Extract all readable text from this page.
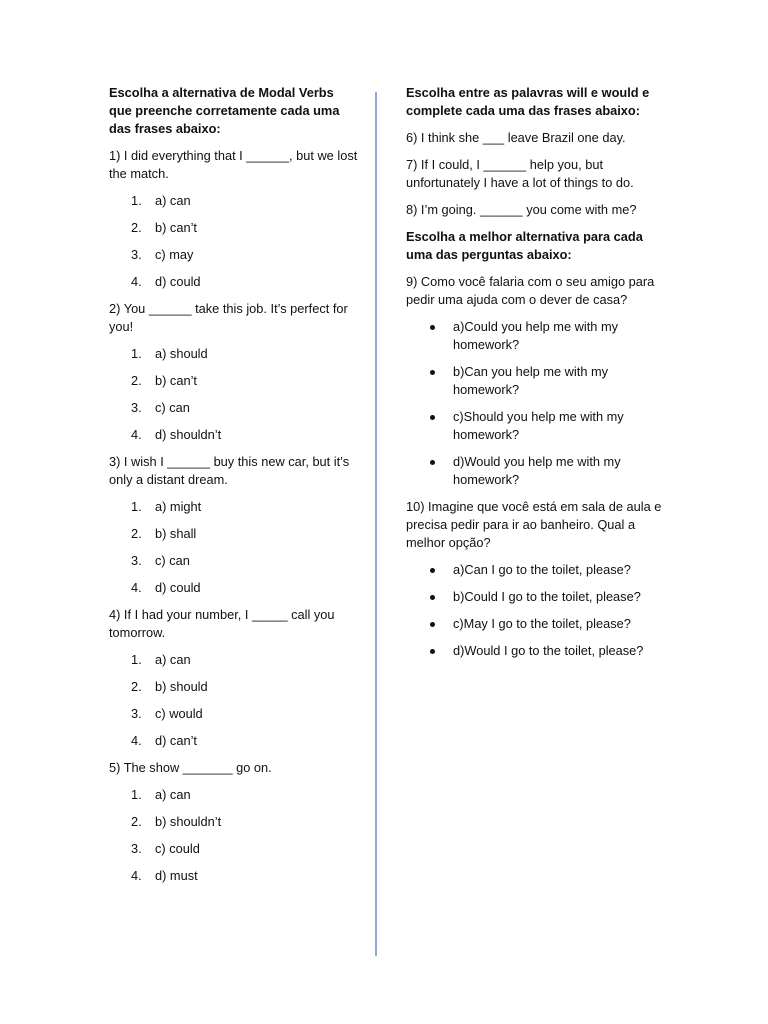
Escolha a alternativa de Modal Verbs que preenche corretamente cada uma das frases abaixo:

1) I did everything that I ______, but we lost the match.

1. a) can
2. b) can’t
3. c) may
4. d) could

2) You ______ take this job. It’s perfect for you!

1. a) should
2. b) can’t
3. c) can
4. d) shouldn’t

3) I wish I ______ buy this new car, but it’s only a distant dream.

1. a) might
2. b) shall
3. c) can
4. d) could

4) If I had your number, I _____ call you tomorrow.

1. a) can
2. b) should
3. c) would
4. d) can’t

5) The show _______ go on.

1. a) can
2. b) shouldn’t
3. c) could
4. d) must

Escolha entre as palavras will e would e complete cada uma das frases abaixo:

6) I think she ___ leave Brazil one day.

7) If I could, I ______ help you, but unfortunately I have a lot of things to do.

8) I’m going. ______ you come with me?

Escolha a melhor alternativa para cada uma das perguntas abaixo:

9) Como você falaria com o seu amigo para pedir uma ajuda com o dever de casa?

a)Could you help me with my homework?
b)Can you help me with my homework?
c)Should you help me with my homework?
d)Would you help me with my homework?

10) Imagine que você está em sala de aula e precisa pedir para ir ao banheiro. Qual a melhor opção?

a)Can I go to the toilet, please?
b)Could I go to the toilet, please?
c)May I go to the toilet, please?
d)Would I go to the toilet, please?
